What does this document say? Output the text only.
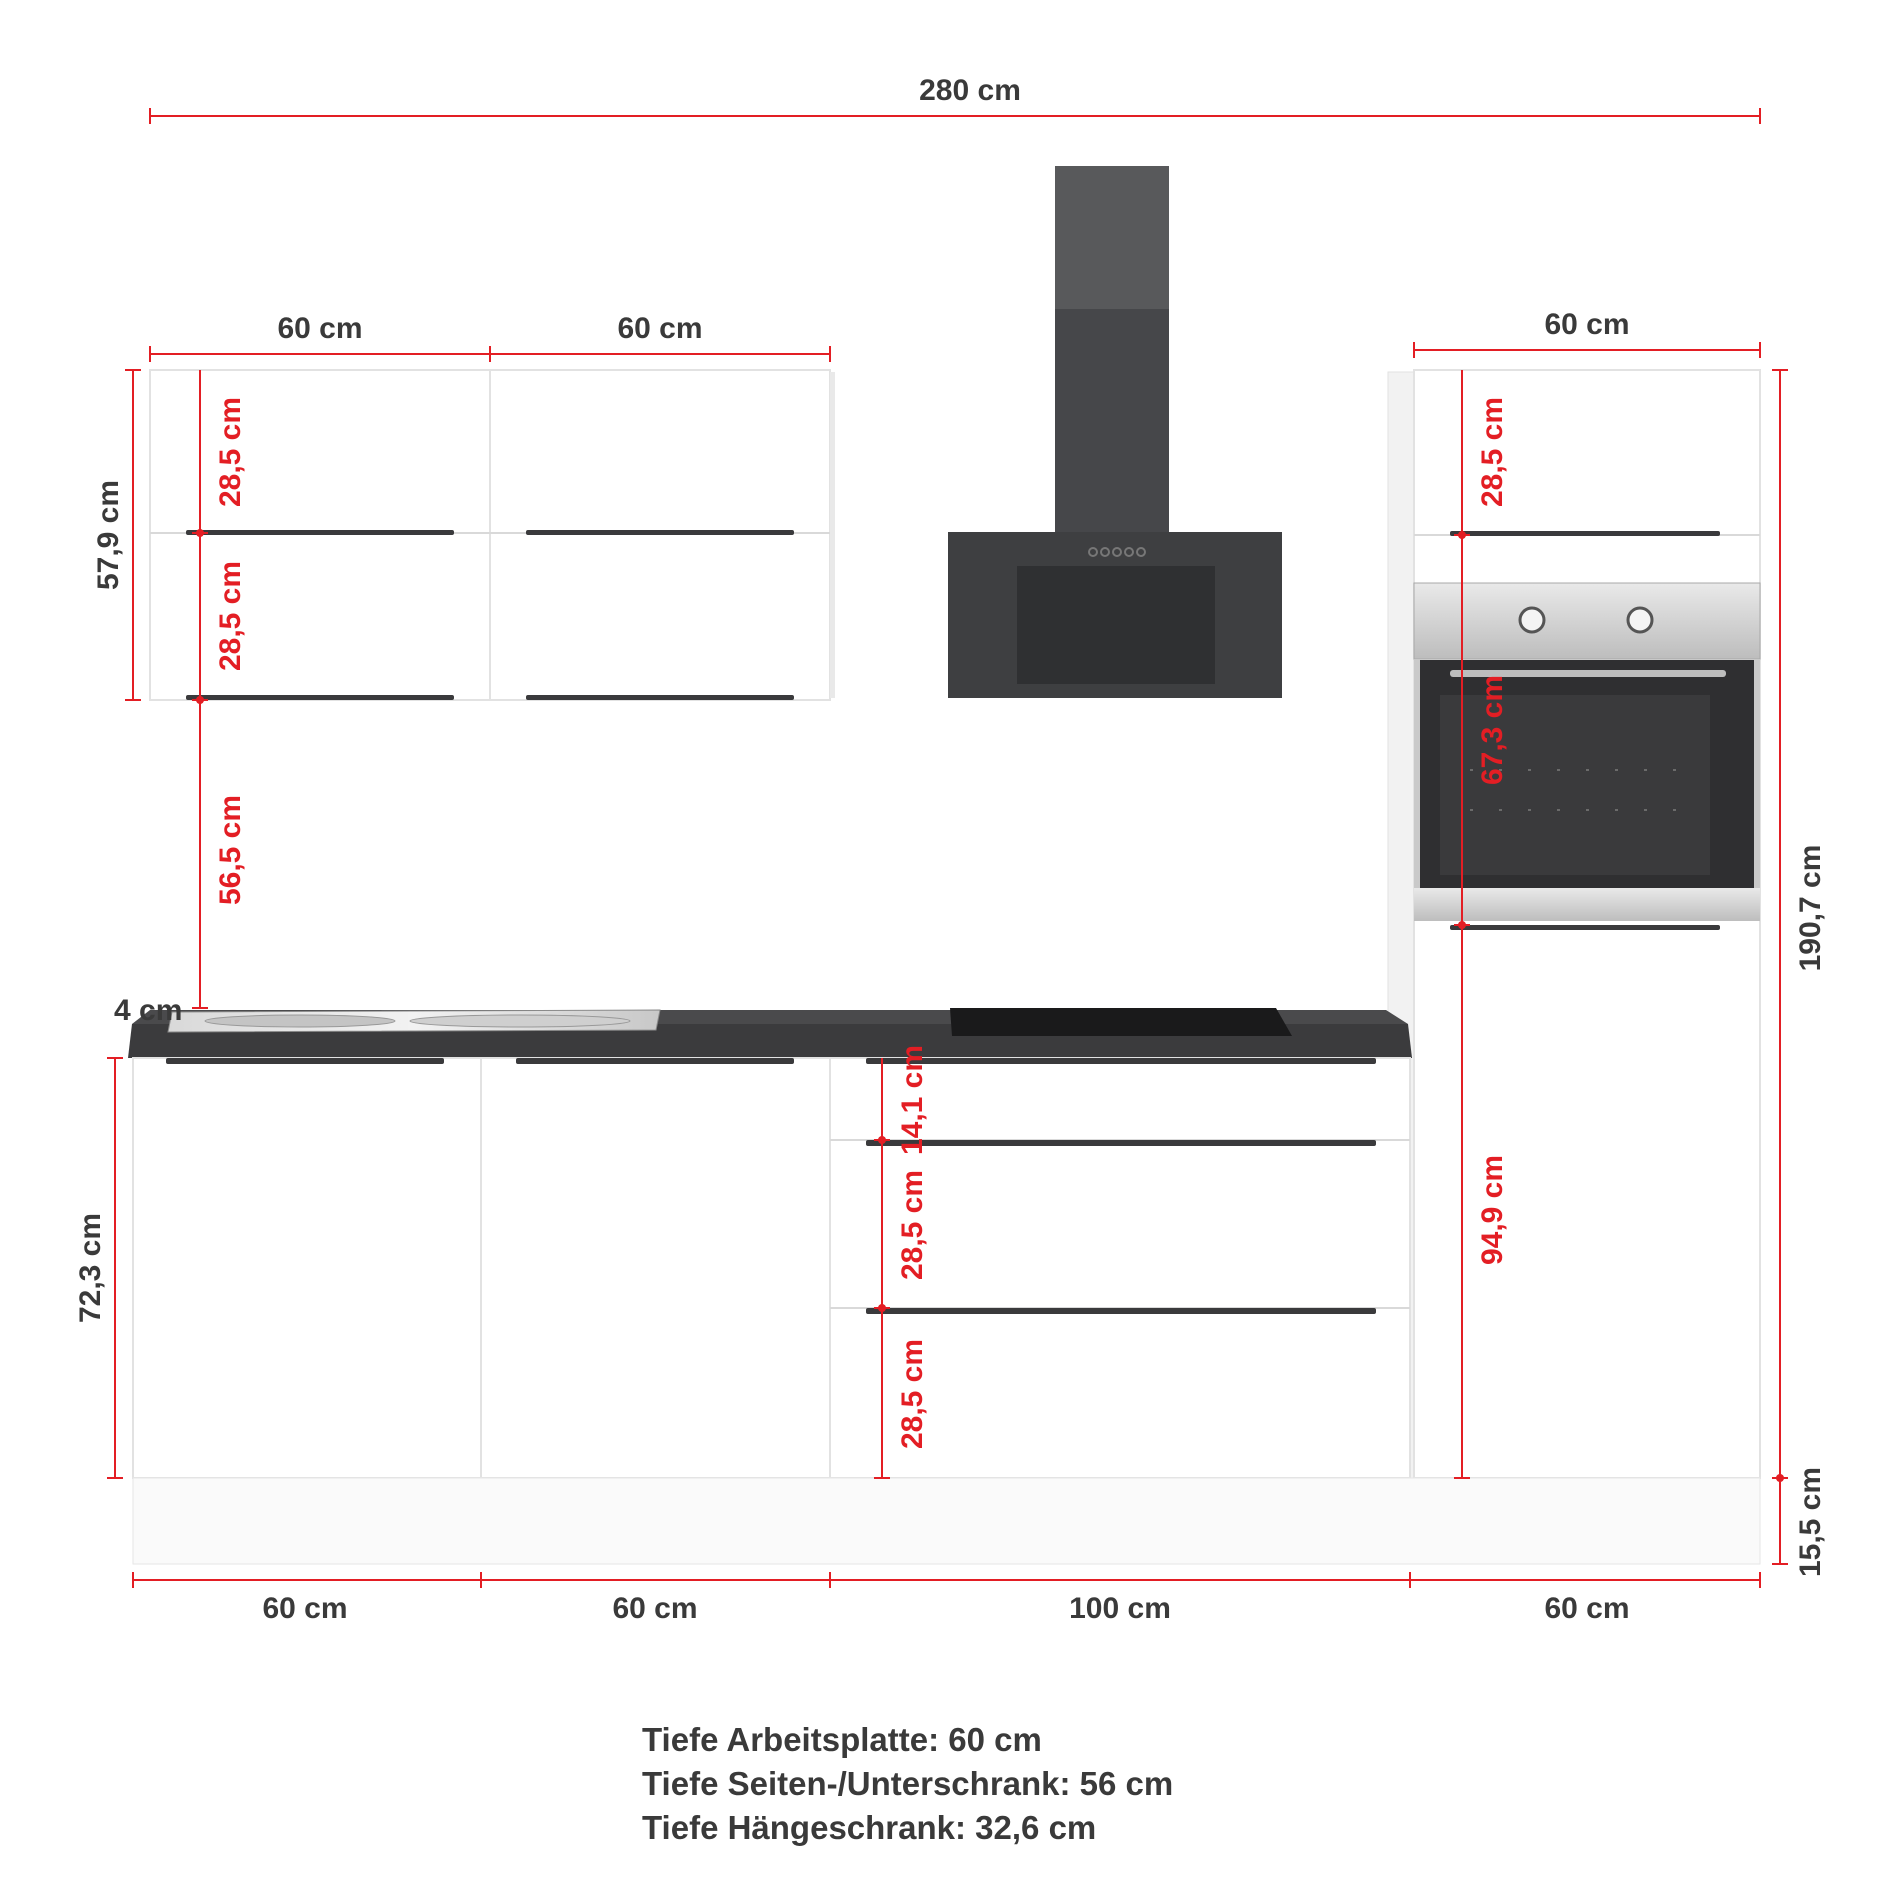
280 cm
60 cm	60 cm	60 cm
57,9 cm
28,5 cm
28,5 cm
56,5 cm
4 cm
72,3 cm
14,1 cm
28,5 cm
28,5 cm
28,5 cm
67,3 cm
94,9 cm
190,7 cm
15,5 cm
60 cm	60 cm	100 cm	60 cm
Tiefe Arbeitsplatte: 60 cm
Tiefe Seiten-/Unterschrank: 56 cm
Tiefe Hängeschrank: 32,6 cm
